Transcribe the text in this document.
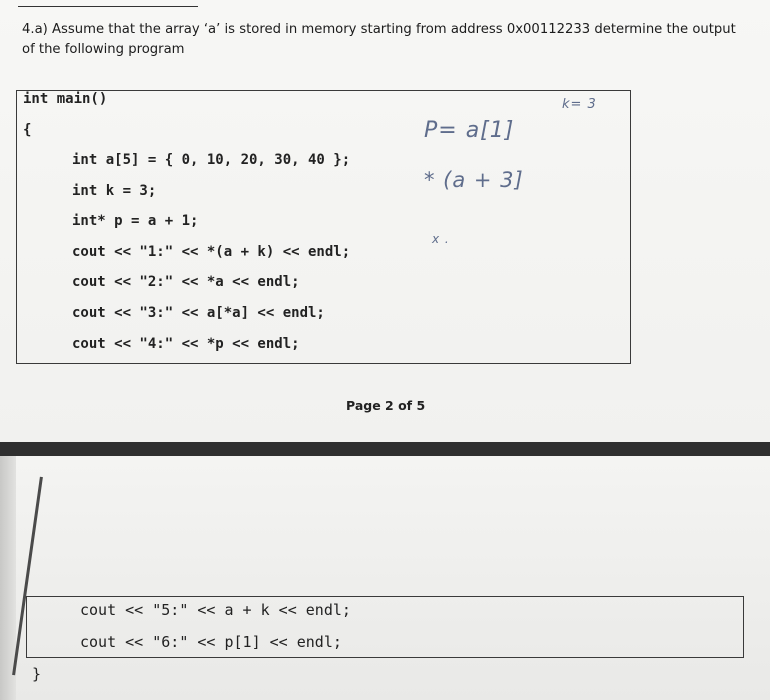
4.a) Assume that the array ‘a’ is stored in memory starting from address 0x00112233 determine the output
of the following program
int main()
{
int a[5] = { 0, 10, 20, 30, 40 };
int k = 3;
int* p = a + 1;
cout << "1:" << *(a + k) << endl;
cout << "2:" << *a << endl;
cout << "3:" << a[*a] << endl;
cout << "4:" << *p << endl;
k= 3
P= a[1]
* (a + 3]
x .
Page 2 of 5
cout << "5:" << a + k << endl;
cout << "6:" << p[1] << endl;
}
